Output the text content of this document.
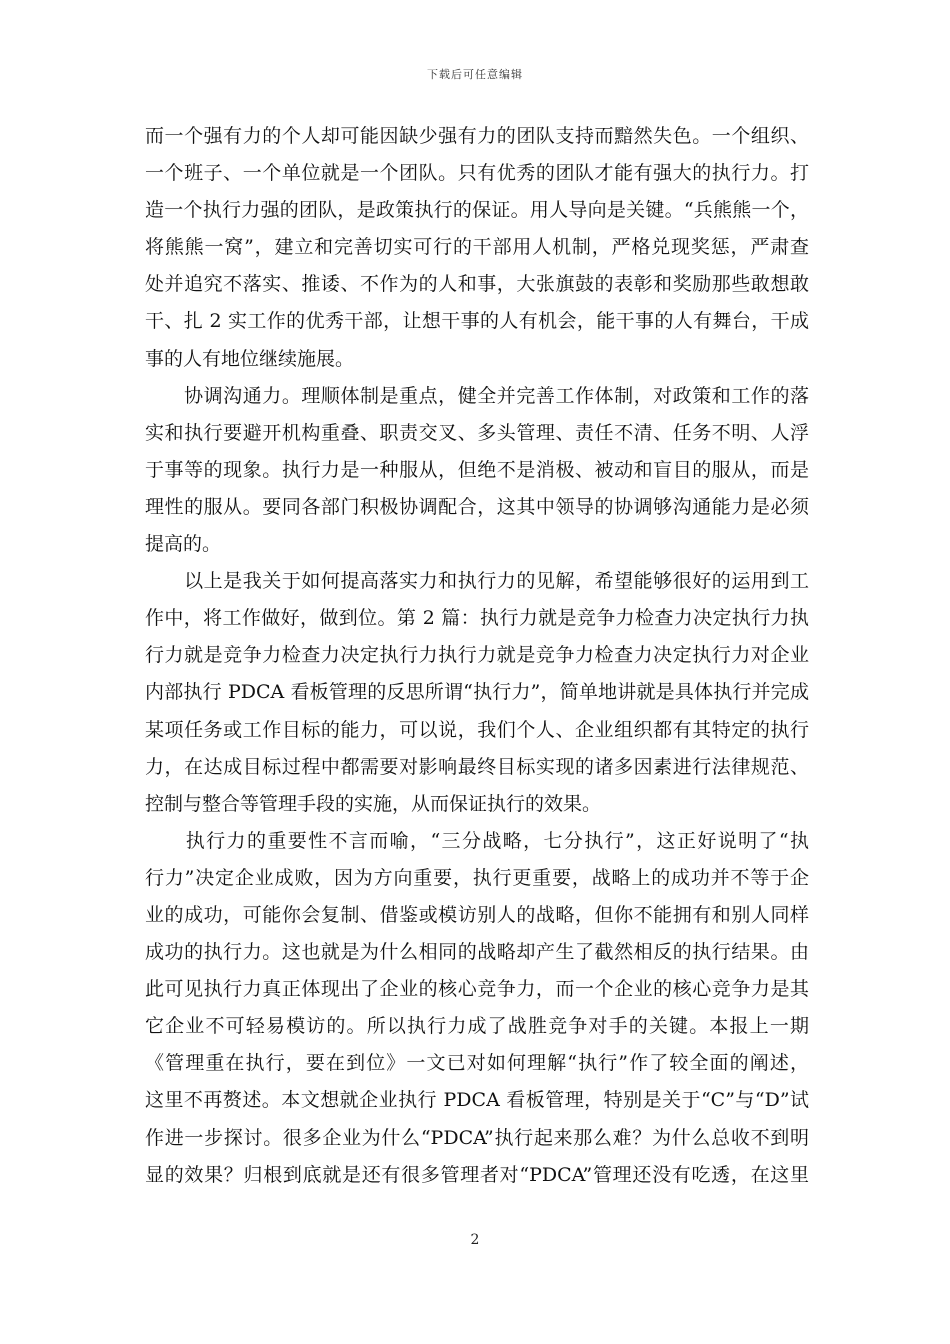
下载后可任意编辑
而一个强有力的个人却可能因缺少强有力的团队支持而黯然失色。一个组织、
一个班子、一个单位就是一个团队。只有优秀的团队才能有强大的执行力。打
造一个执行力强的团队，是政策执行的保证。用人导向是关键。“兵熊熊一个，
将熊熊一窝”，建立和完善切实可行的干部用人机制，严格兑现奖惩，严肃查
处并追究不落实、推诿、不作为的人和事，大张旗鼓的表彰和奖励那些敢想敢
干、扎 2 实工作的优秀干部，让想干事的人有机会，能干事的人有舞台，干成
事的人有地位继续施展。
　　协调沟通力。理顺体制是重点，健全并完善工作体制，对政策和工作的落
实和执行要避开机构重叠、职责交叉、多头管理、责任不清、任务不明、人浮
于事等的现象。执行力是一种服从，但绝不是消极、被动和盲目的服从，而是
理性的服从。要同各部门积极协调配合，这其中领导的协调够沟通能力是必须
提高的。
　　以上是我关于如何提高落实力和执行力的见解，希望能够很好的运用到工
作中，将工作做好，做到位。第 2 篇：执行力就是竞争力检查力决定执行力执
行力就是竞争力检查力决定执行力执行力就是竞争力检查力决定执行力对企业
内部执行 PDCA 看板管理的反思所谓“执行力”，简单地讲就是具体执行并完成
某项任务或工作目标的能力，可以说，我们个人、企业组织都有其特定的执行
力，在达成目标过程中都需要对影响最终目标实现的诸多因素进行法律规范、
控制与整合等管理手段的实施，从而保证执行的效果。
　　执行力的重要性不言而喻，“三分战略，七分执行”，这正好说明了“执
行力”决定企业成败，因为方向重要，执行更重要，战略上的成功并不等于企
业的成功，可能你会复制、借鉴或模访别人的战略，但你不能拥有和别人同样
成功的执行力。这也就是为什么相同的战略却产生了截然相反的执行结果。由
此可见执行力真正体现出了企业的核心竞争力，而一个企业的核心竞争力是其
它企业不可轻易模访的。所以执行力成了战胜竞争对手的关键。本报上一期
《管理重在执行，要在到位》一文已对如何理解“执行”作了较全面的阐述，
这里不再赘述。本文想就企业执行 PDCA 看板管理，特别是关于“C”与“D”试
作进一步探讨。很多企业为什么“PDCA”执行起来那么难？为什么总收不到明
显的效果？归根到底就是还有很多管理者对“PDCA”管理还没有吃透，在这里
2
